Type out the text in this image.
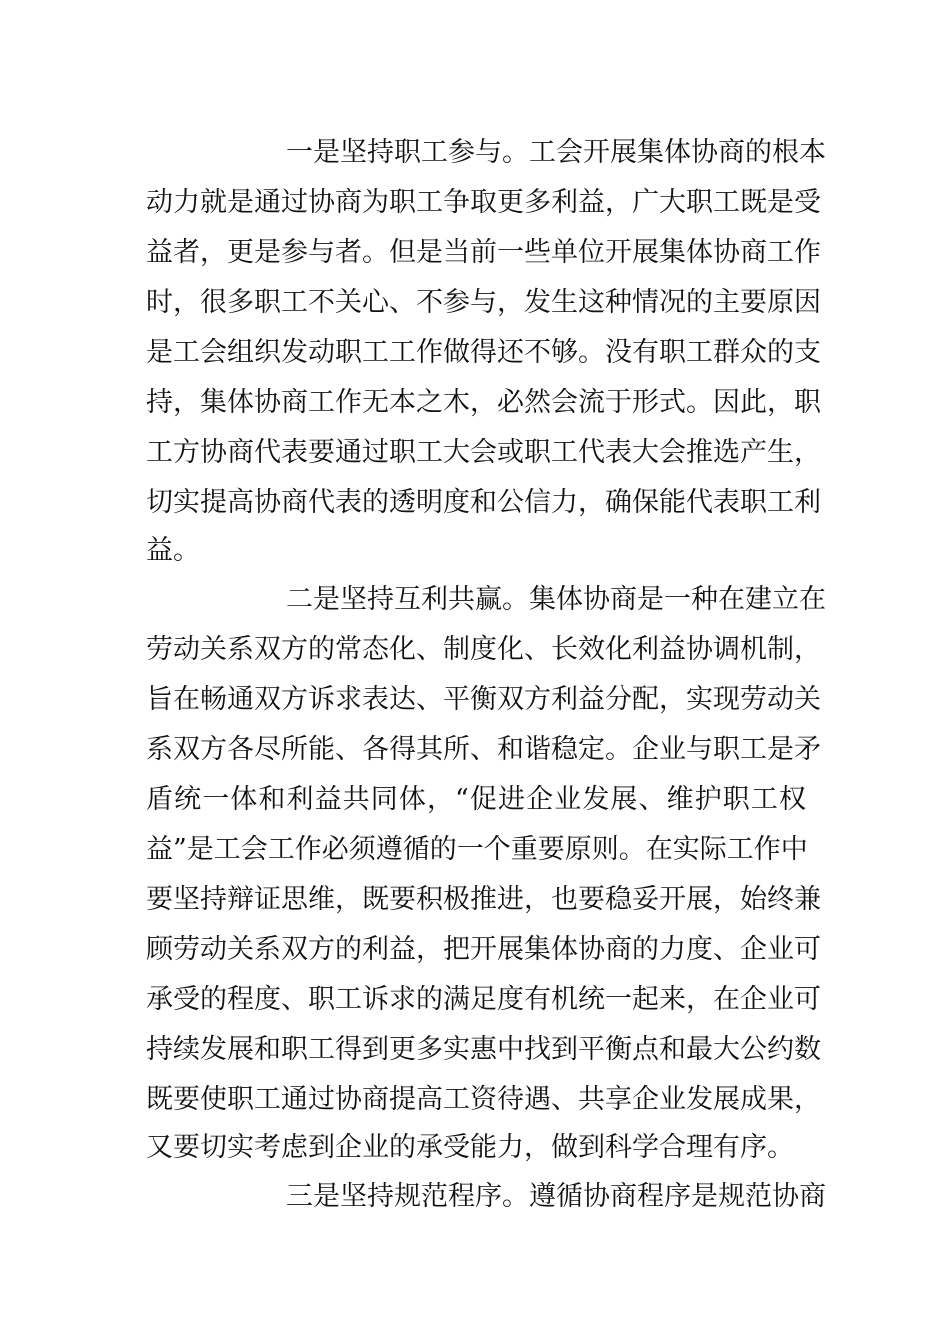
一是坚持职工参与。工会开展集体协商的根本
动力就是通过协商为职工争取更多利益，广大职工既是受
益者，更是参与者。但是当前一些单位开展集体协商工作
时，很多职工不关心、不参与，发生这种情况的主要原因
是工会组织发动职工工作做得还不够。没有职工群众的支
持，集体协商工作无本之木，必然会流于形式。因此，职
工方协商代表要通过职工大会或职工代表大会推选产生，
切实提高协商代表的透明度和公信力，确保能代表职工利
益。
二是坚持互利共赢。集体协商是一种在建立在
劳动关系双方的常态化、制度化、长效化利益协调机制，
旨在畅通双方诉求表达、平衡双方利益分配，实现劳动关
系双方各尽所能、各得其所、和谐稳定。企业与职工是矛
盾统一体和利益共同体，“促进企业发展、维护职工权
益”是工会工作必须遵循的一个重要原则。在实际工作中
要坚持辩证思维，既要积极推进，也要稳妥开展，始终兼
顾劳动关系双方的利益，把开展集体协商的力度、企业可
承受的程度、职工诉求的满足度有机统一起来，在企业可
持续发展和职工得到更多实惠中找到平衡点和最大公约数
既要使职工通过协商提高工资待遇、共享企业发展成果，
又要切实考虑到企业的承受能力，做到科学合理有序。
三是坚持规范程序。遵循协商程序是规范协商
